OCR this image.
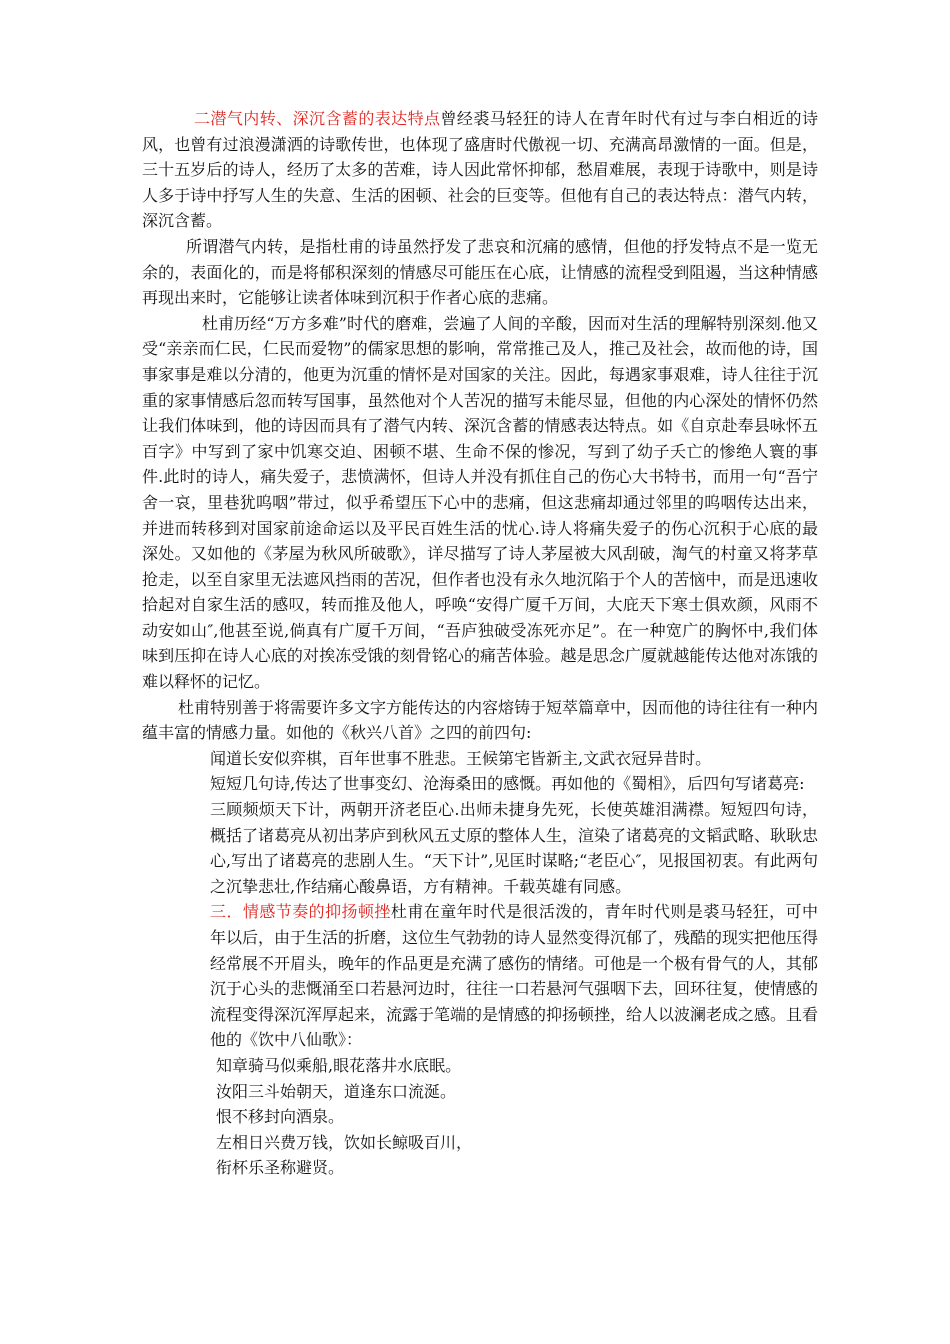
二潜气内转、深沉含蓄的表达特点曾经裘马轻狂的诗人在青年时代有过与李白相近的诗风，也曾有过浪漫潇洒的诗歌传世，也体现了盛唐时代傲视一切、充满高昂激情的一面。但是，三十五岁后的诗人，经历了太多的苦难，诗人因此常怀抑郁，愁眉难展，表现于诗歌中，则是诗人多于诗中抒写人生的失意、生活的困顿、社会的巨变等。但他有自己的表达特点：潜气内转，深沉含蓄。

所谓潜气内转，是指杜甫的诗虽然抒发了悲哀和沉痛的感情，但他的抒发特点不是一览无余的，表面化的，而是将郁积深刻的情感尽可能压在心底，让情感的流程受到阻遏，当这种情感再现出来时，它能够让读者体味到沉积于作者心底的悲痛。

杜甫历经“万方多难”时代的磨难，尝遍了人间的辛酸，因而对生活的理解特别深刻.他又受“亲亲而仁民，仁民而爱物”的儒家思想的影响，常常推己及人，推己及社会，故而他的诗，国事家事是难以分清的，他更为沉重的情怀是对国家的关注。因此，每遇家事艰难，诗人往往于沉重的家事情感后忽而转写国事，虽然他对个人苦况的描写未能尽显，但他的内心深处的情怀仍然让我们体味到，他的诗因而具有了潜气内转、深沉含蓄的情感表达特点。如《自京赴奉县咏怀五百字》中写到了家中饥寒交迫、困顿不堪、生命不保的惨况，写到了幼子夭亡的惨绝人寰的事件.此时的诗人，痛失爱子，悲愤满怀，但诗人并没有抓住自己的伤心大书特书，而用一句“吾宁舍一哀，里巷犹呜咽”带过，似乎希望压下心中的悲痛，但这悲痛却通过邻里的呜咽传达出来，并进而转移到对国家前途命运以及平民百姓生活的忧心.诗人将痛失爱子的伤心沉积于心底的最深处。又如他的《茅屋为秋风所破歌》，详尽描写了诗人茅屋被大风刮破，淘气的村童又将茅草抢走，以至自家里无法遮风挡雨的苦况，但作者也没有永久地沉陷于个人的苦恼中，而是迅速收拾起对自家生活的感叹，转而推及他人，呼唤“安得广厦千万间，大庇天下寒士俱欢颜，风雨不动安如山″,他甚至说,倘真有广厦千万间，“吾庐独破受冻死亦足”。在一种宽广的胸怀中,我们体味到压抑在诗人心底的对挨冻受饿的刻骨铭心的痛苦体验。越是思念广厦就越能传达他对冻饿的难以释怀的记忆。

杜甫特别善于将需要许多文字方能传达的内容熔铸于短萃篇章中，因而他的诗往往有一种内蕴丰富的情感力量。如他的《秋兴八首》之四的前四句:

闻道长安似弈棋，百年世事不胜悲。王候第宅皆新主,文武衣冠异昔时。

短短几句诗,传达了世事变幻、沧海桑田的感慨。再如他的《蜀相》，后四句写诸葛亮:

三顾频烦天下计，两朝开济老臣心.出师未捷身先死，长使英雄泪满襟。短短四句诗，概括了诸葛亮从初出茅庐到秋风五丈原的整体人生，渲染了诸葛亮的文韬武略、耿耿忠心,写出了诸葛亮的悲剧人生。“天下计”,见匡时谋略;“老臣心″，见报国初衷。有此两句之沉挚悲壮,作结痛心酸鼻语，方有精神。千载英雄有同感。

三．情感节奏的抑扬顿挫杜甫在童年时代是很活泼的，青年时代则是裘马轻狂，可中年以后，由于生活的折磨，这位生气勃勃的诗人显然变得沉郁了，残酷的现实把他压得经常展不开眉头，晚年的作品更是充满了感伤的情绪。可他是一个极有骨气的人，其郁沉于心头的悲慨涌至口若悬河边时，往往一口若悬河气强咽下去，回环往复，使情感的流程变得深沉浑厚起来，流露于笔端的是情感的抑扬顿挫，给人以波澜老成之感。且看他的《饮中八仙歌》：

知章骑马似乘船,眼花落井水底眠。

汝阳三斗始朝天，道逢东口流涎。

恨不移封向酒泉。

左相日兴费万钱，饮如长鲸吸百川，

衔杯乐圣称避贤。
